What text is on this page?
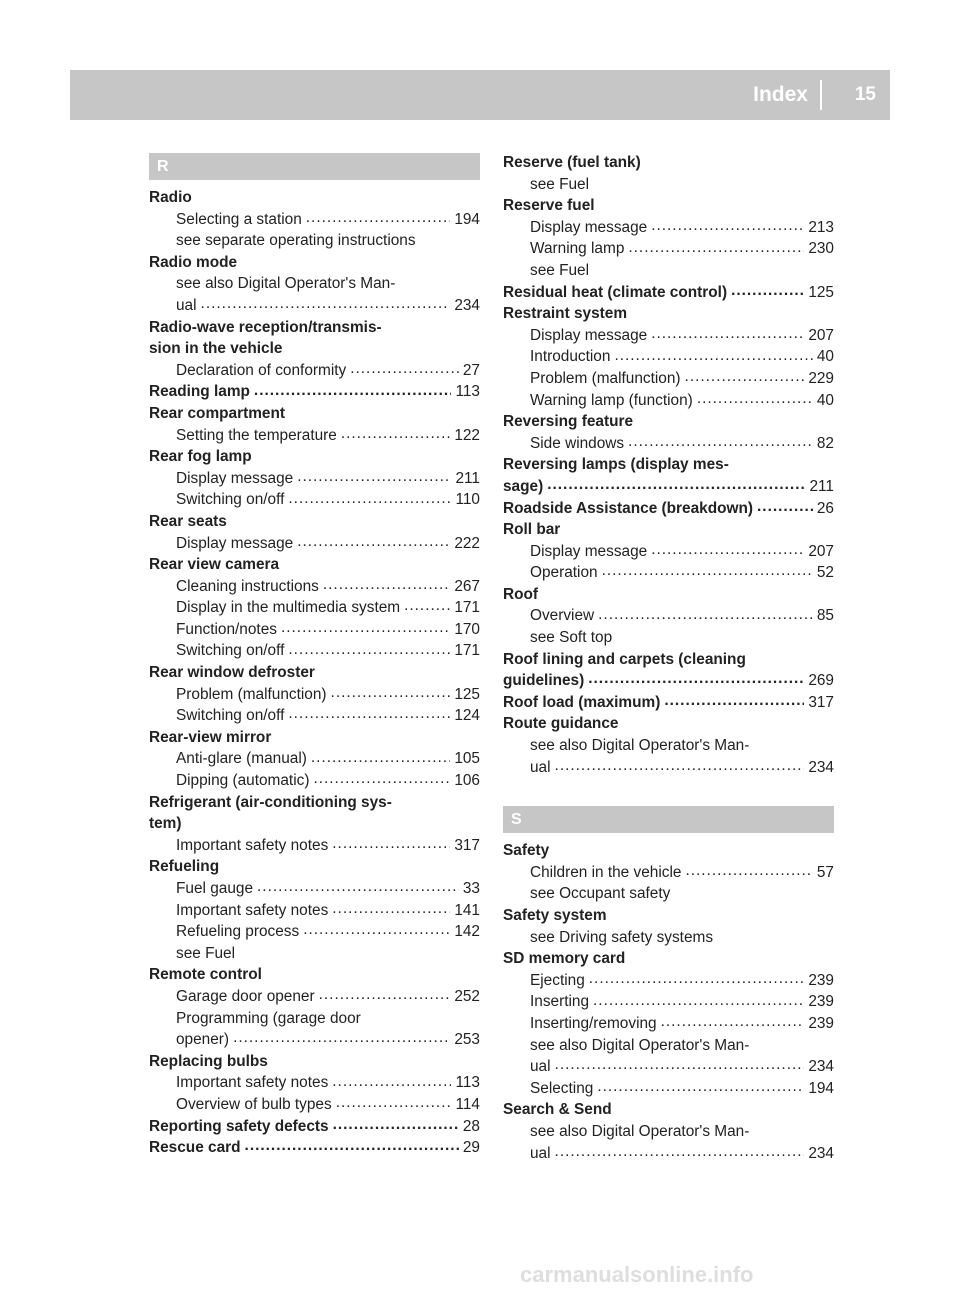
Index	15
R
Radio
Selecting a station .....	194
see separate operating instructions
Radio mode
see also Digital Operator's Man-
ual .....	234
Radio-wave reception/transmis-
sion in the vehicle
Declaration of conformity .....	27
Reading lamp .....	113
Rear compartment
Setting the temperature .....	122
Rear fog lamp
Display message .....	211
Switching on/off .....	110
Rear seats
Display message .....	222
Rear view camera
Cleaning instructions .....	267
Display in the multimedia system .....	171
Function/notes .....	170
Switching on/off .....	171
Rear window defroster
Problem (malfunction) .....	125
Switching on/off .....	124
Rear-view mirror
Anti-glare (manual) .....	105
Dipping (automatic) .....	106
Refrigerant (air-conditioning sys-
tem)
Important safety notes .....	317
Refueling
Fuel gauge .....	33
Important safety notes .....	141
Refueling process .....	142
see Fuel
Remote control
Garage door opener .....	252
Programming (garage door
opener) .....	253
Replacing bulbs
Important safety notes .....	113
Overview of bulb types .....	114
Reporting safety defects .....	28
Rescue card .....	29
Reserve (fuel tank)
see Fuel
Reserve fuel
Display message .....	213
Warning lamp .....	230
see Fuel
Residual heat (climate control) .....	125
Restraint system
Display message .....	207
Introduction .....	40
Problem (malfunction) .....	229
Warning lamp (function) .....	40
Reversing feature
Side windows .....	82
Reversing lamps (display mes-
sage) .....	211
Roadside Assistance (breakdown) .....	26
Roll bar
Display message .....	207
Operation .....	52
Roof
Overview .....	85
see Soft top
Roof lining and carpets (cleaning
guidelines) .....	269
Roof load (maximum) .....	317
Route guidance
see also Digital Operator's Man-
ual .....	234
S
Safety
Children in the vehicle .....	57
see Occupant safety
Safety system
see Driving safety systems
SD memory card
Ejecting .....	239
Inserting .....	239
Inserting/removing .....	239
see also Digital Operator's Man-
ual .....	234
Selecting .....	194
Search & Send
see also Digital Operator's Man-
ual .....	234
carmanualsonline.info
